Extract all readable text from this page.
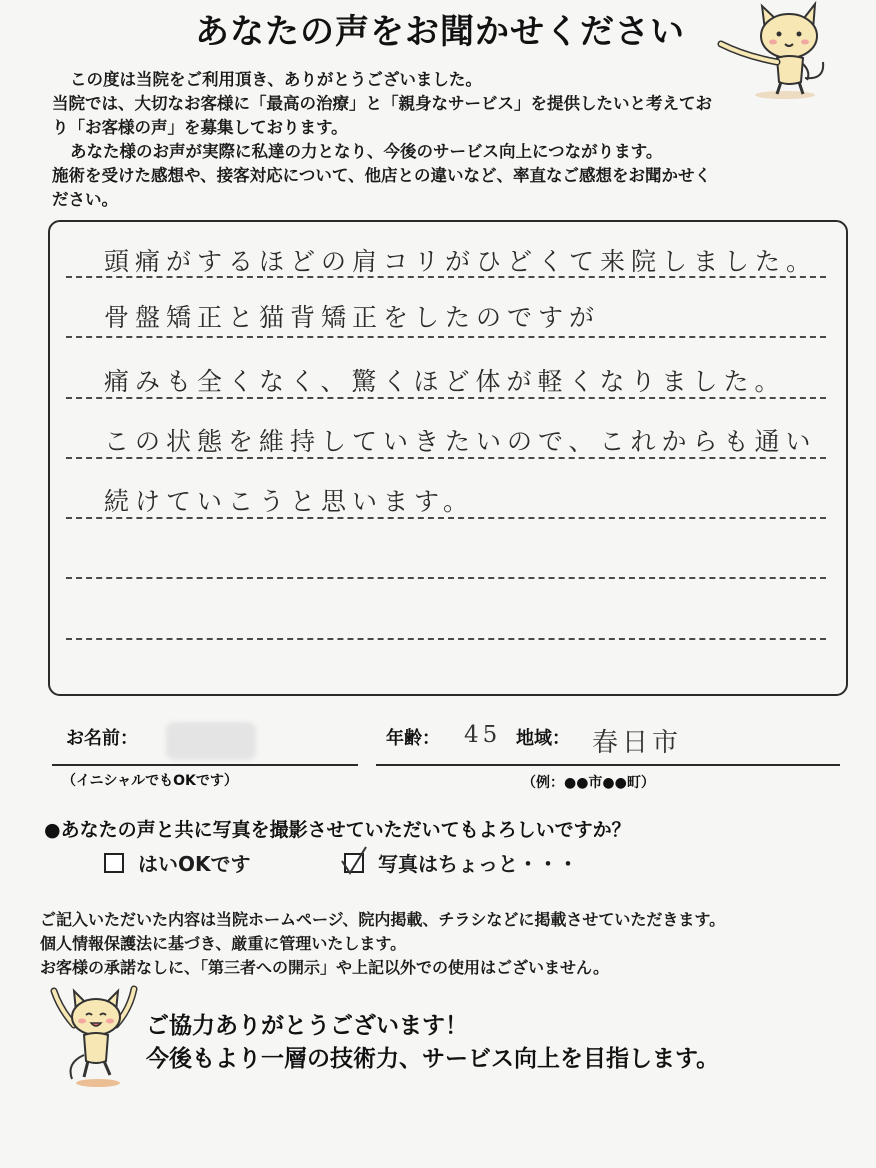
あなたの声をお聞かせください

この度は当院をご利用頂き、ありがとうございました。

当院では、大切なお客様に「最高の治療」と「親身なサービス」を提供したいと考えてお

り「お客様の声」を募集しております。

あなた様のお声が実際に私達の力となり、今後のサービス向上につながります。

施術を受けた感想や、接客対応について、他店との違いなど、率直なご感想をお聞かせく

ださい。

頭痛がするほどの肩コリがひどくて来院しました。
骨盤矯正と猫背矯正をしたのですが
痛みも全くなく、驚くほど体が軽くなりました。
この状態を維持していきたいので、これからも通い
続けていこうと思います。
お名前：	年齢： 45 地域： 春日市
（イニシャルでもOKです）	（例：●●市●●町）
●あなたの声と共に写真を撮影させていただいてもよろしいですか？
はいOKです	写真はちょっと・・・

ご記入いただいた内容は当院ホームページ、院内掲載、チラシなどに掲載させていただきます。

個人情報保護法に基づき、厳重に管理いたします。

お客様の承諾なしに、「第三者への開示」や上記以外での使用はございません。

ご協力ありがとうございます！

今後もより一層の技術力、サービス向上を目指します。
